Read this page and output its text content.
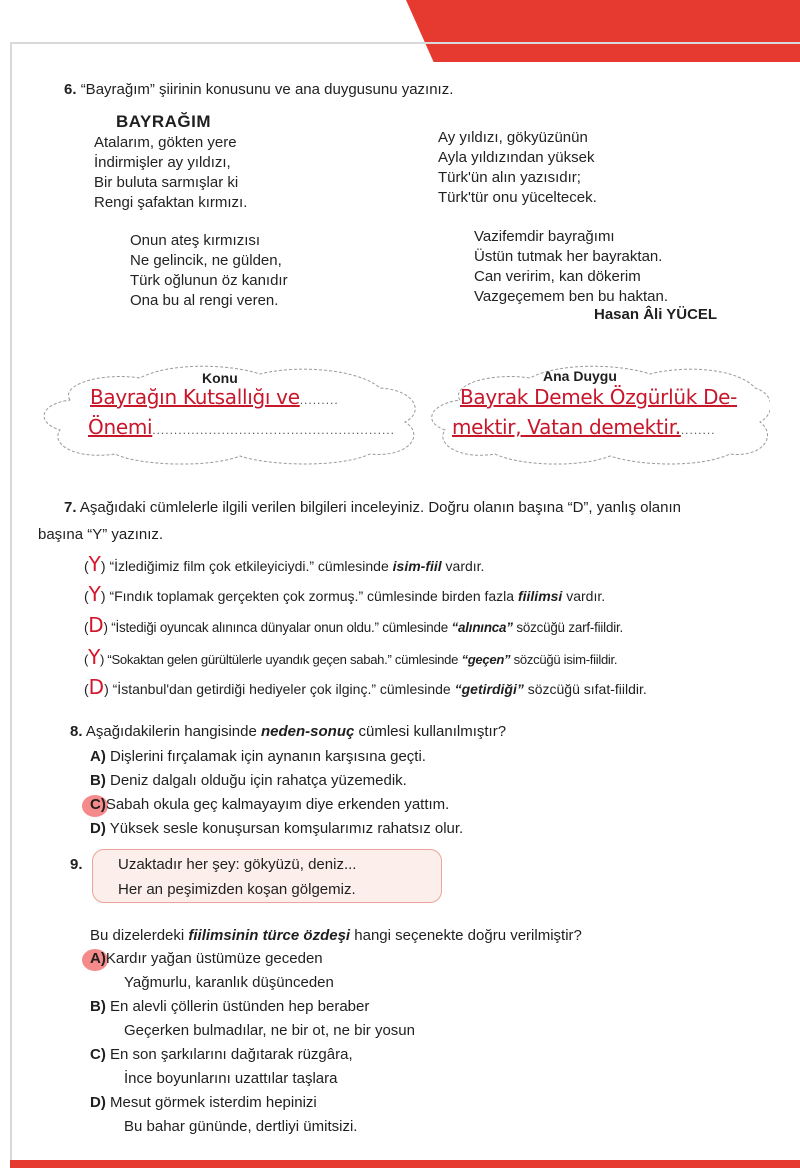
6. “Bayrağım” şiirinin konusunu ve ana duygusunu yazınız.
BAYRAĞIM
Atalarım, gökten yere
İndirmişler ay yıldızı,
Bir buluta sarmışlar ki
Rengi şafaktan kırmızı.
Onun ateş kırmızısı
Ne gelincik, ne gülden,
Türk oğlunun öz kanıdır
Ona bu al rengi veren.
Ay yıldızı, gökyüzünün
Ayla yıldızından yüksek
Türk'ün alın yazısıdır;
Türk'tür onu yüceltecek.
Vazifemdir bayrağımı
Üstün tutmak her bayraktan.
Can veririm, kan dökerim
Vazgeçemem ben bu haktan.
Hasan Âli YÜCEL
Konu	Ana Duygu
Bayrağın Kutsallığı ve.........
Önemi........................................................
Bayrak Demek Özgürlük De-
mektir, Vatan demektir.........
7. Aşağıdaki cümlelerle ilgili verilen bilgileri inceleyiniz. Doğru olanın başına “D”, yanlış olanın
başına “Y” yazınız.
(Y) “İzlediğimiz film çok etkileyiciydi.” cümlesinde isim-fiil vardır.
(Y) “Fındık toplamak gerçekten çok zormuş.” cümlesinde birden fazla fiilimsi vardır.
(D) “İstediği oyuncak alınınca dünyalar onun oldu.” cümlesinde “alınınca” sözcüğü zarf-fiildir.
(Y) “Sokaktan gelen gürültülerle uyandık geçen sabah.” cümlesinde “geçen” sözcüğü isim-fiildir.
(D) “İstanbul'dan getirdiği hediyeler çok ilginç.” cümlesinde “getirdiği” sözcüğü sıfat-fiildir.
8. Aşağıdakilerin hangisinde neden-sonuç cümlesi kullanılmıştır?
A) Dişlerini fırçalamak için aynanın karşısına geçti.
B) Deniz dalgalı olduğu için rahatça yüzemedik.
C)Sabah okula geç kalmayayım diye erkenden yattım.
D) Yüksek sesle konuşursan komşularımız rahatsız olur.
9. Uzaktadır her şey: gökyüzü, deniz...
Her an peşimizden koşan gölgemiz.
Bu dizelerdeki fiilimsinin türce özdeşi hangi seçenekte doğru verilmiştir?
A)Kardır yağan üstümüze geceden
Yağmurlu, karanlık düşünceden
B) En alevli çöllerin üstünden hep beraber
Geçerken bulmadılar, ne bir ot, ne bir yosun
C) En son şarkılarını dağıtarak rüzgâra,
İnce boyunlarını uzattılar taşlara
D) Mesut görmek isterdim hepinizi
Bu bahar gününde, dertliyi ümitsizi.
